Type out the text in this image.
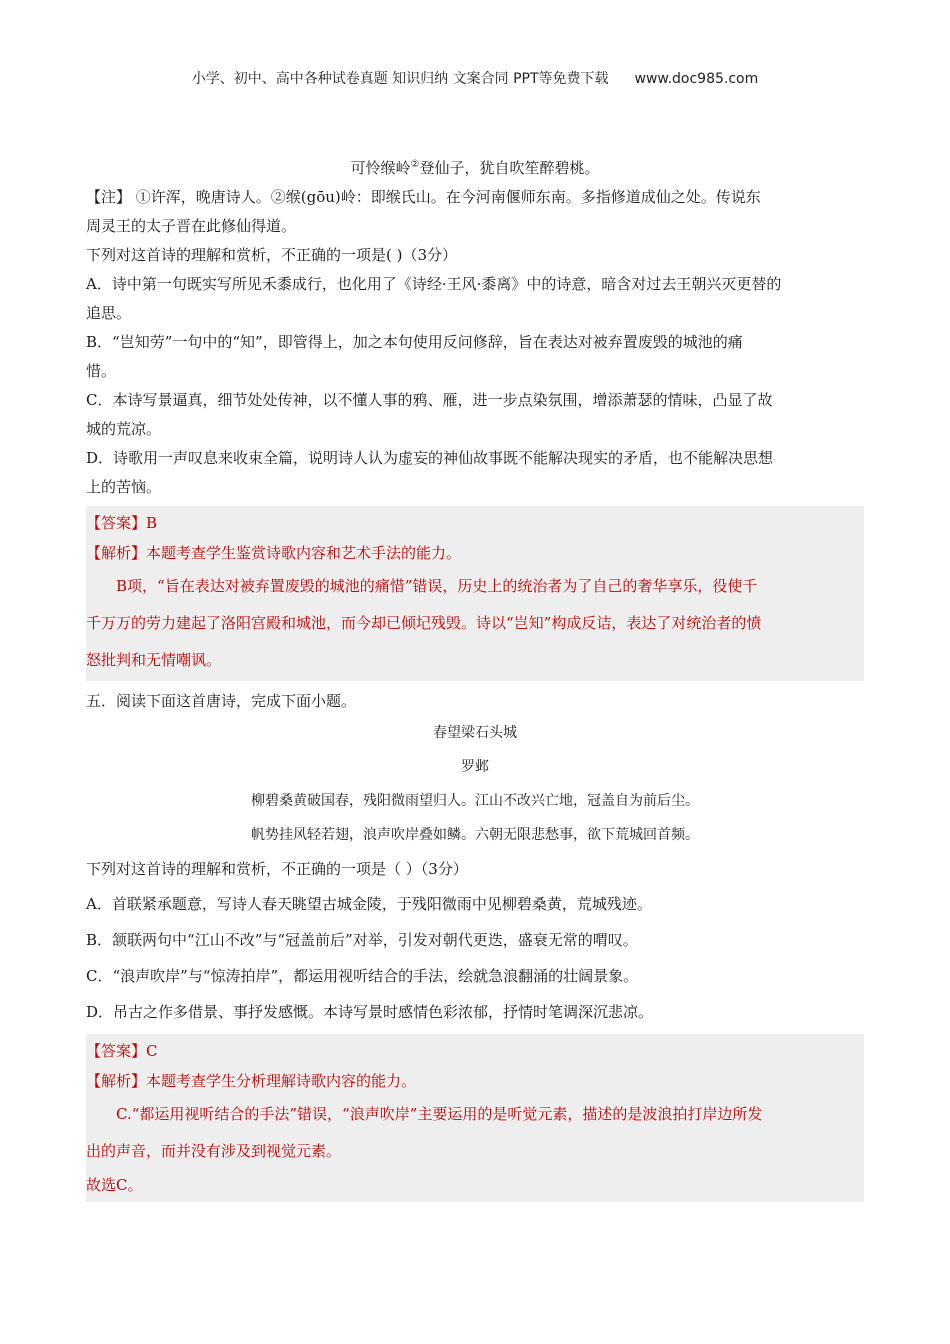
小学、初中、高中各种试卷真题 知识归纳 文案合同 PPT等免费下载 www.doc985.com
可怜缑岭②登仙子，犹自吹笙醉碧桃。
【注】 ①许浑，晚唐诗人。②缑(gōu)岭：即缑氏山。在今河南偃师东南。多指修道成仙之处。传说东
周灵王的太子晋在此修仙得道。
下列对这首诗的理解和赏析，不正确的一项是( )（3分）

A．诗中第一句既实写所见禾黍成行，也化用了《诗经·王风·黍离》中的诗意，暗含对过去王朝兴灭更替的

追思。

B．“岂知劳”一句中的“知”，即管得上，加之本句使用反问修辞，旨在表达对被弃置废毁的城池的痛

惜。

C．本诗写景逼真，细节处处传神，以不懂人事的鸦、雁，进一步点染氛围，增添萧瑟的情味，凸显了故

城的荒凉。

D．诗歌用一声叹息来收束全篇，说明诗人认为虚妄的神仙故事既不能解决现实的矛盾，也不能解决思想

上的苦恼。

【答案】B
【解析】本题考查学生鉴赏诗歌内容和艺术手法的能力。
B项，“旨在表达对被弃置废毁的城池的痛惜”错误，历史上的统治者为了自己的奢华享乐，役使千
千万万的劳力建起了洛阳宫殿和城池，而今却已倾圮残毁。诗以“岂知”构成反诘，表达了对统治者的愤
怒批判和无情嘲讽。
五．阅读下面这首唐诗，完成下面小题。
春望梁石头城
罗邺
柳碧桑黄破国春，残阳微雨望归人。江山不改兴亡地，冠盖自为前后尘。
帆势挂风轻若翅，浪声吹岸叠如鳞。六朝无限悲愁事，欲下荒城回首频。
下列对这首诗的理解和赏析，不正确的一项是（ ）（3分）

A．首联紧承题意，写诗人春天眺望古城金陵，于残阳微雨中见柳碧桑黄，荒城残迹。

B．颔联两句中“江山不改”与“冠盖前后”对举，引发对朝代更迭，盛衰无常的喟叹。

C．“浪声吹岸”与“惊涛拍岸”，都运用视听结合的手法，绘就急浪翻涌的壮阔景象。

D．吊古之作多借景、事抒发感慨。本诗写景时感情色彩浓郁，抒情时笔调深沉悲凉。

【答案】C
【解析】本题考查学生分析理解诗歌内容的能力。
C.“都运用视听结合的手法”错误，“浪声吹岸”主要运用的是听觉元素，描述的是波浪拍打岸边所发
出的声音，而并没有涉及到视觉元素。
故选C。
